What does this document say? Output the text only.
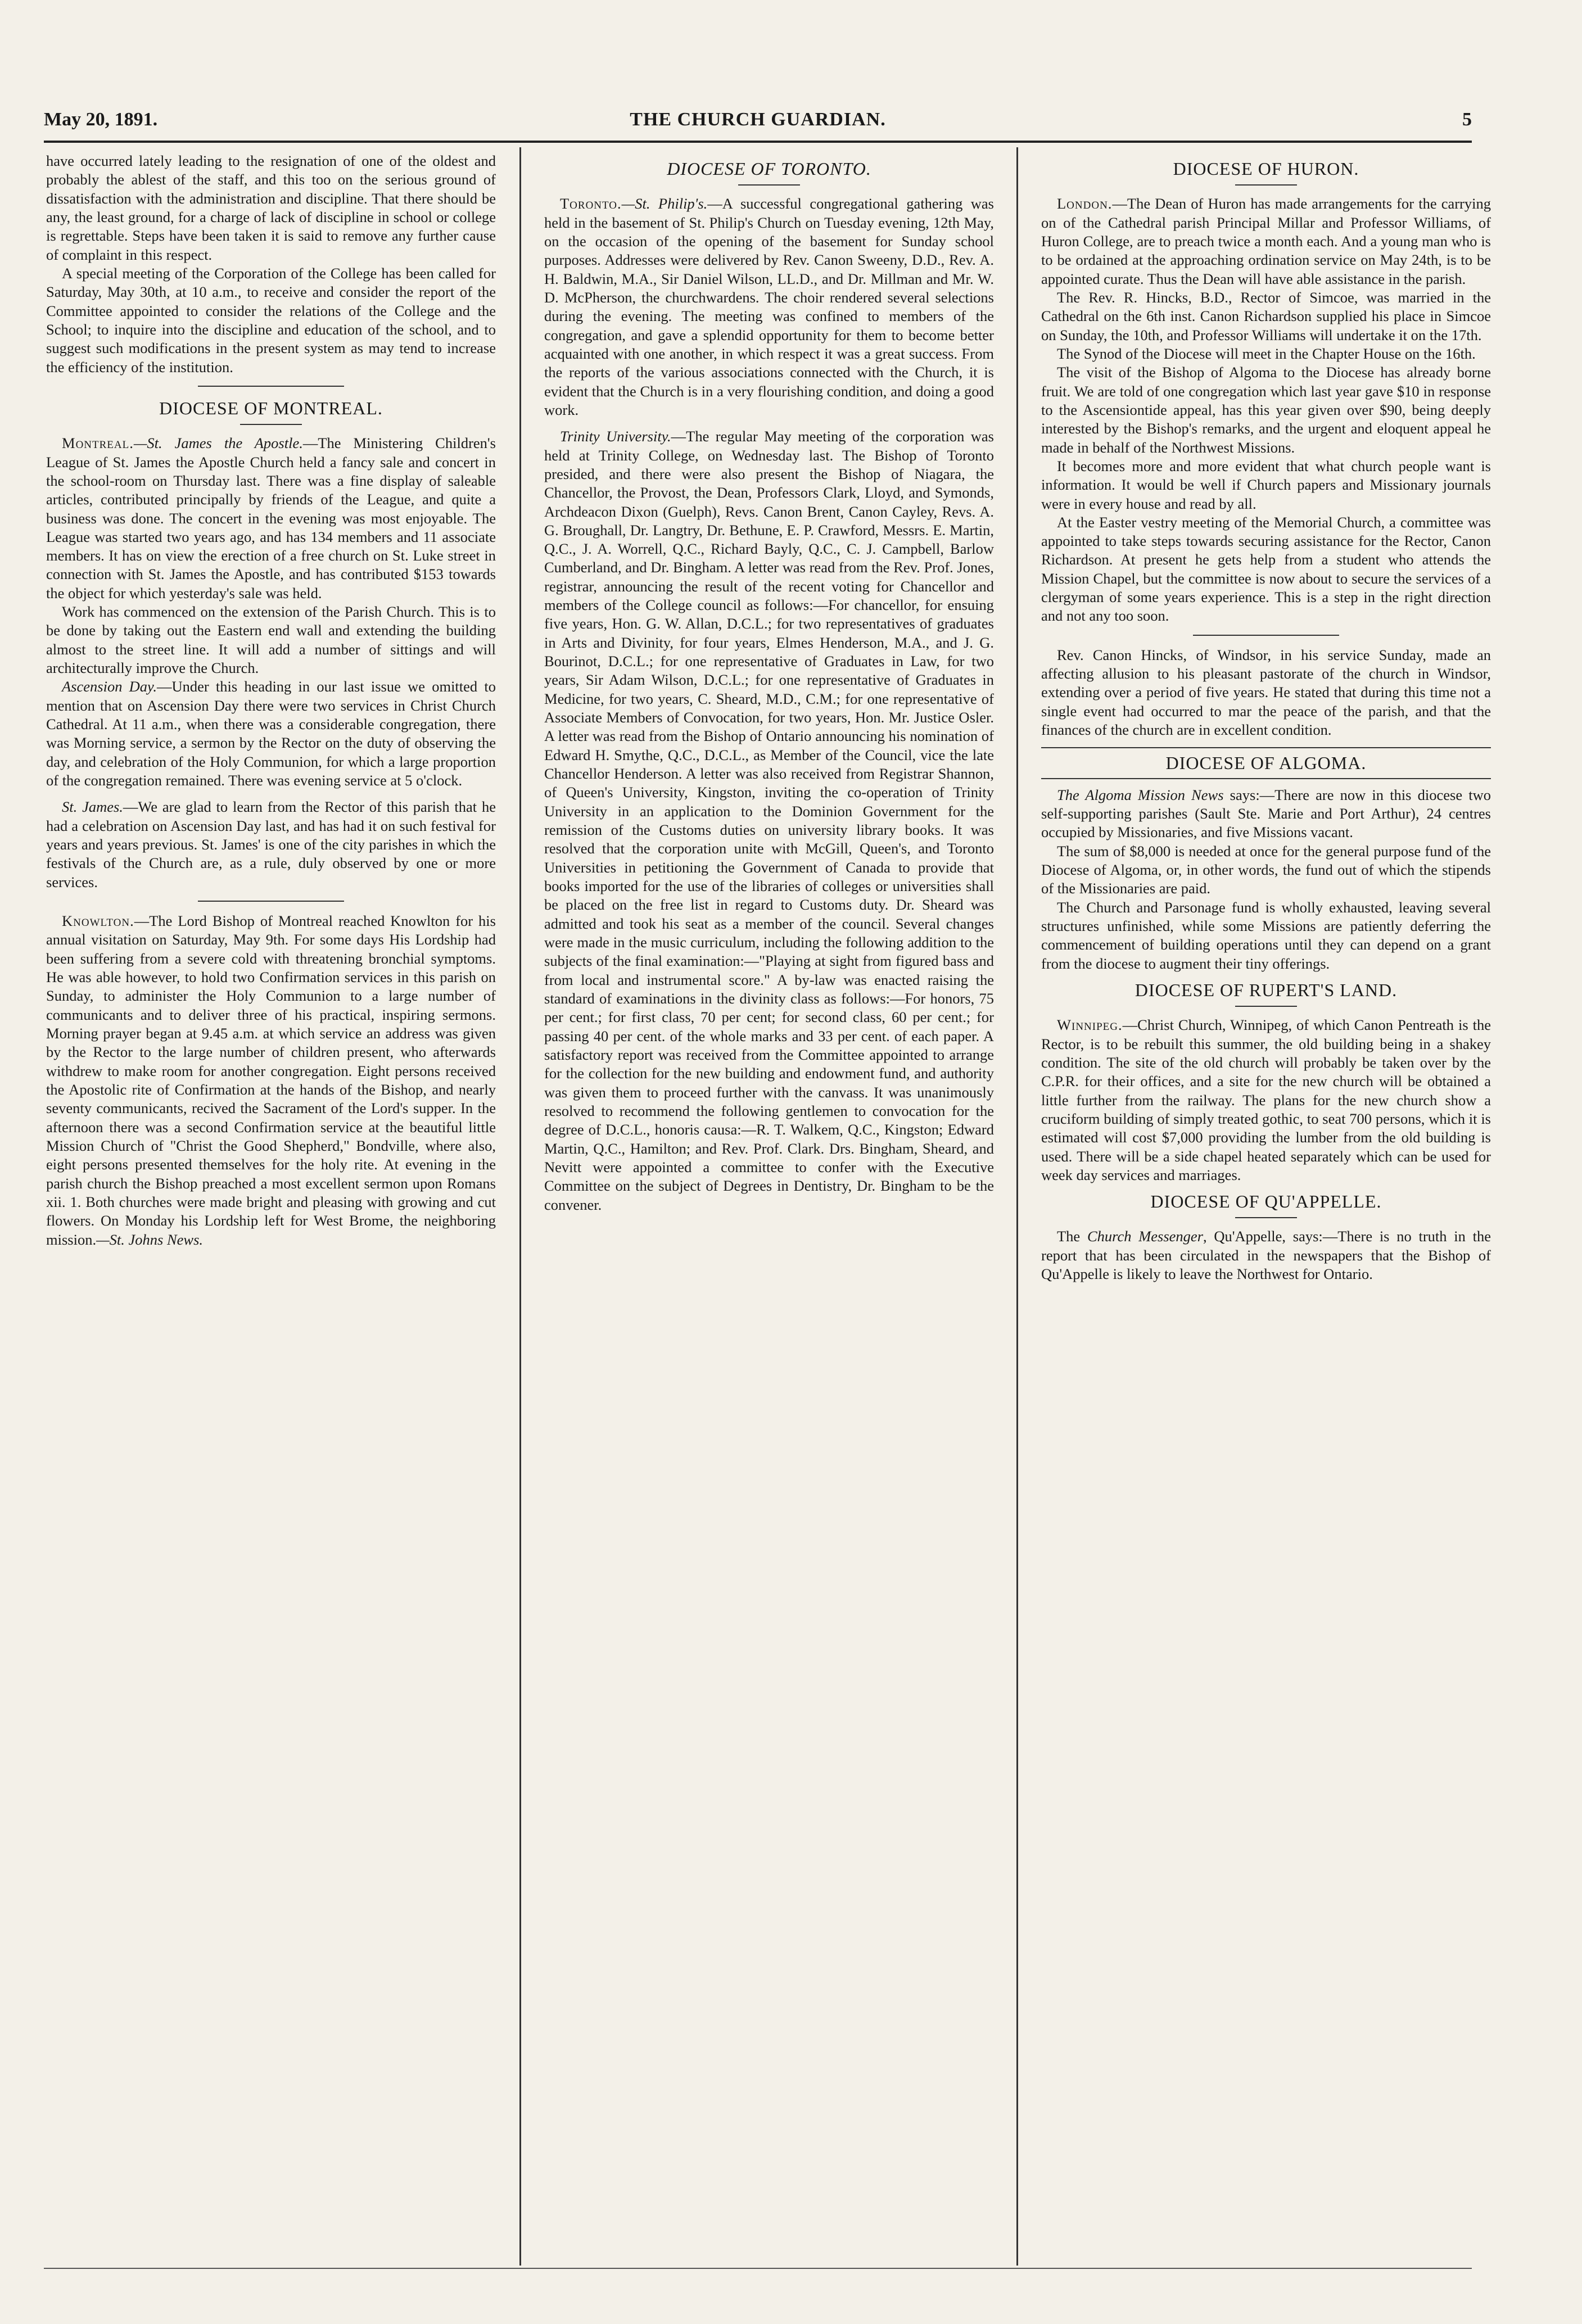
May 20, 1891.	THE CHURCH GUARDIAN.	5

have occurred lately leading to the resignation of one of the oldest and probably the ablest of the staff, and this too on the serious ground of dissatisfaction with the administration and discipline. That there should be any, the least ground, for a charge of lack of discipline in school or college is regrettable. Steps have been taken it is said to remove any further cause of complaint in this respect.

A special meeting of the Corporation of the College has been called for Saturday, May 30th, at 10 a.m., to receive and consider the report of the Committee appointed to consider the relations of the College and the School; to inquire into the discipline and education of the school, and to suggest such modifications in the present system as may tend to increase the efficiency of the institution.

DIOCESE OF MONTREAL.

Montreal.—St. James the Apostle.—The Ministering Children's League of St. James the Apostle Church held a fancy sale and concert in the school-room on Thursday last. There was a fine display of saleable articles, contributed principally by friends of the League, and quite a business was done. The concert in the evening was most enjoyable. The League was started two years ago, and has 134 members and 11 associate members. It has on view the erection of a free church on St. Luke street in connection with St. James the Apostle, and has contributed $153 towards the object for which yesterday's sale was held.

Work has commenced on the extension of the Parish Church. This is to be done by taking out the Eastern end wall and extending the building almost to the street line. It will add a number of sittings and will architecturally improve the Church.

Ascension Day.—Under this heading in our last issue we omitted to mention that on Ascension Day there were two services in Christ Church Cathedral. At 11 a.m., when there was a considerable congregation, there was Morning service, a sermon by the Rector on the duty of observing the day, and celebration of the Holy Communion, for which a large proportion of the congregation remained. There was evening service at 5 o'clock.

St. James.—We are glad to learn from the Rector of this parish that he had a celebration on Ascension Day last, and has had it on such festival for years and years previous. St. James' is one of the city parishes in which the festivals of the Church are, as a rule, duly observed by one or more services.

Knowlton.—The Lord Bishop of Montreal reached Knowlton for his annual visitation on Saturday, May 9th. For some days His Lordship had been suffering from a severe cold with threatening bronchial symptoms. He was able however, to hold two Confirmation services in this parish on Sunday, to administer the Holy Communion to a large number of communicants and to deliver three of his practical, inspiring sermons. Morning prayer began at 9.45 a.m. at which service an address was given by the Rector to the large number of children present, who afterwards withdrew to make room for another congregation. Eight persons received the Apostolic rite of Confirmation at the hands of the Bishop, and nearly seventy communicants, recived the Sacrament of the Lord's supper. In the afternoon there was a second Confirmation service at the beautiful little Mission Church of "Christ the Good Shepherd," Bondville, where also, eight persons presented themselves for the holy rite. At evening in the parish church the Bishop preached a most excellent sermon upon Romans xii. 1. Both churches were made bright and pleasing with growing and cut flowers. On Monday his Lordship left for West Brome, the neighboring mission.—St. Johns News.

DIOCESE OF TORONTO.

Toronto.—St. Philip's.—A successful congregational gathering was held in the basement of St. Philip's Church on Tuesday evening, 12th May, on the occasion of the opening of the basement for Sunday school purposes. Addresses were delivered by Rev. Canon Sweeny, D.D., Rev. A. H. Baldwin, M.A., Sir Daniel Wilson, LL.D., and Dr. Millman and Mr. W. D. McPherson, the churchwardens. The choir rendered several selections during the evening. The meeting was confined to members of the congregation, and gave a splendid opportunity for them to become better acquainted with one another, in which respect it was a great success. From the reports of the various associations connected with the Church, it is evident that the Church is in a very flourishing condition, and doing a good work.

Trinity University.—The regular May meeting of the corporation was held at Trinity College, on Wednesday last. The Bishop of Toronto presided, and there were also present the Bishop of Niagara, the Chancellor, the Provost, the Dean, Professors Clark, Lloyd, and Symonds, Archdeacon Dixon (Guelph), Revs. Canon Brent, Canon Cayley, Revs. A. G. Broughall, Dr. Langtry, Dr. Bethune, E. P. Crawford, Messrs. E. Martin, Q.C., J. A. Worrell, Q.C., Richard Bayly, Q.C., C. J. Campbell, Barlow Cumberland, and Dr. Bingham. A letter was read from the Rev. Prof. Jones, registrar, announcing the result of the recent voting for Chancellor and members of the College council as follows:—For chancellor, for ensuing five years, Hon. G. W. Allan, D.C.L.; for two representatives of graduates in Arts and Divinity, for four years, Elmes Henderson, M.A., and J. G. Bourinot, D.C.L.; for one representative of Graduates in Law, for two years, Sir Adam Wilson, D.C.L.; for one representative of Graduates in Medicine, for two years, C. Sheard, M.D., C.M.; for one representative of Associate Members of Convocation, for two years, Hon. Mr. Justice Osler. A letter was read from the Bishop of Ontario announcing his nomination of Edward H. Smythe, Q.C., D.C.L., as Member of the Council, vice the late Chancellor Henderson. A letter was also received from Registrar Shannon, of Queen's University, Kingston, inviting the co-operation of Trinity University in an application to the Dominion Government for the remission of the Customs duties on university library books. It was resolved that the corporation unite with McGill, Queen's, and Toronto Universities in petitioning the Government of Canada to provide that books imported for the use of the libraries of colleges or universities shall be placed on the free list in regard to Customs duty. Dr. Sheard was admitted and took his seat as a member of the council. Several changes were made in the music curriculum, including the following addition to the subjects of the final examination:—"Playing at sight from figured bass and from local and instrumental score." A by-law was enacted raising the standard of examinations in the divinity class as follows:—For honors, 75 per cent.; for first class, 70 per cent; for second class, 60 per cent.; for passing 40 per cent. of the whole marks and 33 per cent. of each paper. A satisfactory report was received from the Committee appointed to arrange for the collection for the new building and endowment fund, and authority was given them to proceed further with the canvass. It was unanimously resolved to recommend the following gentlemen to convocation for the degree of D.C.L., honoris causa:—R. T. Walkem, Q.C., Kingston; Edward Martin, Q.C., Hamilton; and Rev. Prof. Clark. Drs. Bingham, Sheard, and Nevitt were appointed a committee to confer with the Executive Committee on the subject of Degrees in Dentistry, Dr. Bingham to be the convener.

DIOCESE OF HURON.

London.—The Dean of Huron has made arrangements for the carrying on of the Cathedral parish Principal Millar and Professor Williams, of Huron College, are to preach twice a month each. And a young man who is to be ordained at the approaching ordination service on May 24th, is to be appointed curate. Thus the Dean will have able assistance in the parish.

The Rev. R. Hincks, B.D., Rector of Simcoe, was married in the Cathedral on the 6th inst. Canon Richardson supplied his place in Simcoe on Sunday, the 10th, and Professor Williams will undertake it on the 17th.

The Synod of the Diocese will meet in the Chapter House on the 16th.

The visit of the Bishop of Algoma to the Diocese has already borne fruit. We are told of one congregation which last year gave $10 in response to the Ascensiontide appeal, has this year given over $90, being deeply interested by the Bishop's remarks, and the urgent and eloquent appeal he made in behalf of the Northwest Missions.

It becomes more and more evident that what church people want is information. It would be well if Church papers and Missionary journals were in every house and read by all.

At the Easter vestry meeting of the Memorial Church, a committee was appointed to take steps towards securing assistance for the Rector, Canon Richardson. At present he gets help from a student who attends the Mission Chapel, but the committee is now about to secure the services of a clergyman of some years experience. This is a step in the right direction and not any too soon.

Rev. Canon Hincks, of Windsor, in his service Sunday, made an affecting allusion to his pleasant pastorate of the church in Windsor, extending over a period of five years. He stated that during this time not a single event had occurred to mar the peace of the parish, and that the finances of the church are in excellent condition.

DIOCESE OF ALGOMA.

The Algoma Mission News says:—There are now in this diocese two self-supporting parishes (Sault Ste. Marie and Port Arthur), 24 centres occupied by Missionaries, and five Missions vacant.

The sum of $8,000 is needed at once for the general purpose fund of the Diocese of Algoma, or, in other words, the fund out of which the stipends of the Missionaries are paid.

The Church and Parsonage fund is wholly exhausted, leaving several structures unfinished, while some Missions are patiently deferring the commencement of building operations until they can depend on a grant from the diocese to augment their tiny offerings.

DIOCESE OF RUPERT'S LAND.

Winnipeg.—Christ Church, Winnipeg, of which Canon Pentreath is the Rector, is to be rebuilt this summer, the old building being in a shakey condition. The site of the old church will probably be taken over by the C.P.R. for their offices, and a site for the new church will be obtained a little further from the railway. The plans for the new church show a cruciform building of simply treated gothic, to seat 700 persons, which it is estimated will cost $7,000 providing the lumber from the old building is used. There will be a side chapel heated separately which can be used for week day services and marriages.

DIOCESE OF QU'APPELLE.

The Church Messenger, Qu'Appelle, says:—There is no truth in the report that has been circulated in the newspapers that the Bishop of Qu'Appelle is likely to leave the Northwest for Ontario.
